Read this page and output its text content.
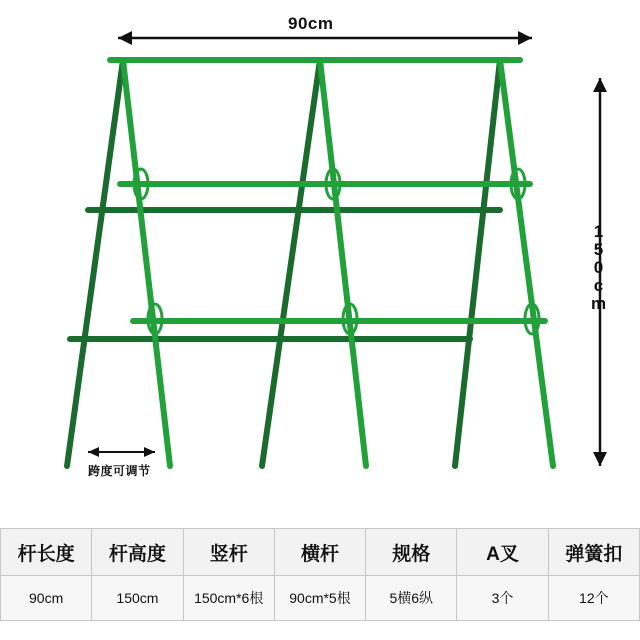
90cm
150cm
跨度可调节
杆长度	杆高度	竖杆	横杆	规格	A叉	弹簧扣
90cm	150cm	150cm*6根	90cm*5根	5横6纵	3个	12个
